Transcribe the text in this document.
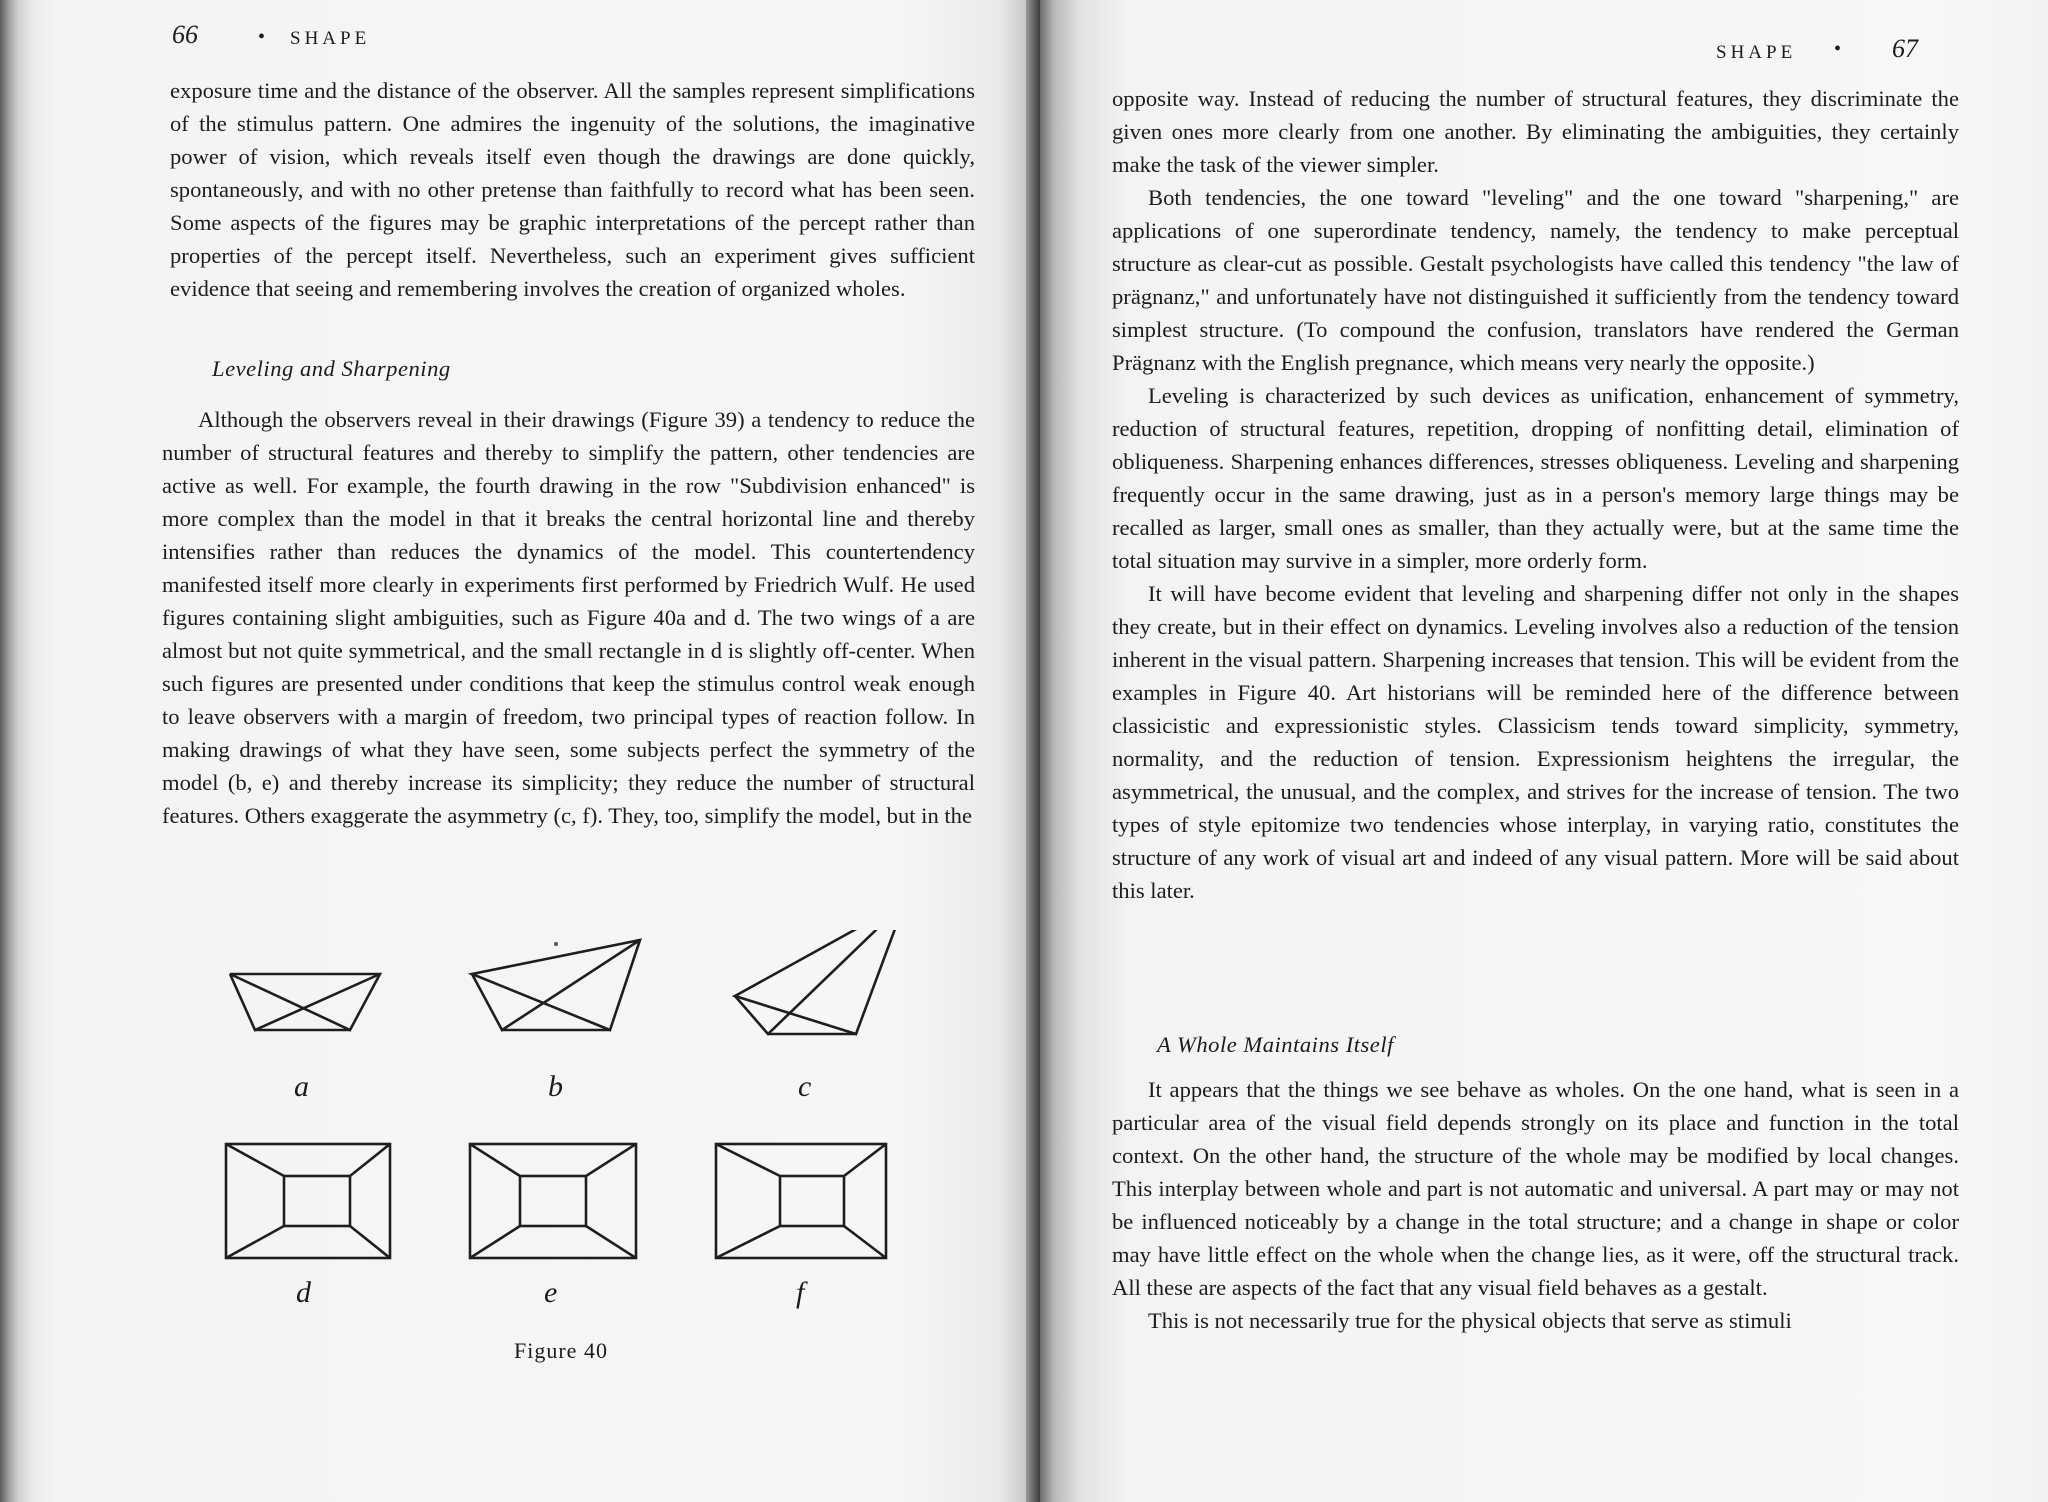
66	• SHAPE

exposure time and the distance of the observer. All the samples represent simplifications of the stimulus pattern. One admires the ingenuity of the solutions, the imaginative power of vision, which reveals itself even though the drawings are done quickly, spontaneously, and with no other pretense than faithfully to record what has been seen. Some aspects of the figures may be graphic interpretations of the percept rather than properties of the percept itself. Nevertheless, such an experiment gives sufficient evidence that seeing and remembering involves the creation of organized wholes.

Leveling and Sharpening

Although the observers reveal in their drawings (Figure 39) a tendency to reduce the number of structural features and thereby to simplify the pattern, other tendencies are active as well. For example, the fourth drawing in the row "Subdivision enhanced" is more complex than the model in that it breaks the central horizontal line and thereby intensifies rather than reduces the dynamics of the model. This countertendency manifested itself more clearly in experiments first performed by Friedrich Wulf. He used figures containing slight ambiguities, such as Figure 40a and d. The two wings of a are almost but not quite symmetrical, and the small rectangle in d is slightly off-center. When such figures are presented under conditions that keep the stimulus control weak enough to leave observers with a margin of freedom, two principal types of reaction follow. In making drawings of what they have seen, some subjects perfect the symmetry of the model (b, e) and thereby increase its simplicity; they reduce the number of structural features. Others exaggerate the asymmetry (c, f). They, too, simplify the model, but in the

a	b	c
d	e	f
Figure 40
SHAPE • 67

opposite way. Instead of reducing the number of structural features, they discriminate the given ones more clearly from one another. By eliminating the ambiguities, they certainly make the task of the viewer simpler.

Both tendencies, the one toward "leveling" and the one toward "sharpening," are applications of one superordinate tendency, namely, the tendency to make perceptual structure as clear-cut as possible. Gestalt psychologists have called this tendency "the law of prägnanz," and unfortunately have not distinguished it sufficiently from the tendency toward simplest structure. (To compound the confusion, translators have rendered the German Prägnanz with the English pregnance, which means very nearly the opposite.)

Leveling is characterized by such devices as unification, enhancement of symmetry, reduction of structural features, repetition, dropping of nonfitting detail, elimination of obliqueness. Sharpening enhances differences, stresses obliqueness. Leveling and sharpening frequently occur in the same drawing, just as in a person's memory large things may be recalled as larger, small ones as smaller, than they actually were, but at the same time the total situation may survive in a simpler, more orderly form.

It will have become evident that leveling and sharpening differ not only in the shapes they create, but in their effect on dynamics. Leveling involves also a reduction of the tension inherent in the visual pattern. Sharpening increases that tension. This will be evident from the examples in Figure 40. Art historians will be reminded here of the difference between classicistic and expressionistic styles. Classicism tends toward simplicity, symmetry, normality, and the reduction of tension. Expressionism heightens the irregular, the asymmetrical, the unusual, and the complex, and strives for the increase of tension. The two types of style epitomize two tendencies whose interplay, in varying ratio, constitutes the structure of any work of visual art and indeed of any visual pattern. More will be said about this later.

A Whole Maintains Itself

It appears that the things we see behave as wholes. On the one hand, what is seen in a particular area of the visual field depends strongly on its place and function in the total context. On the other hand, the structure of the whole may be modified by local changes. This interplay between whole and part is not automatic and universal. A part may or may not be influenced noticeably by a change in the total structure; and a change in shape or color may have little effect on the whole when the change lies, as it were, off the structural track. All these are aspects of the fact that any visual field behaves as a gestalt.

This is not necessarily true for the physical objects that serve as stimuli
